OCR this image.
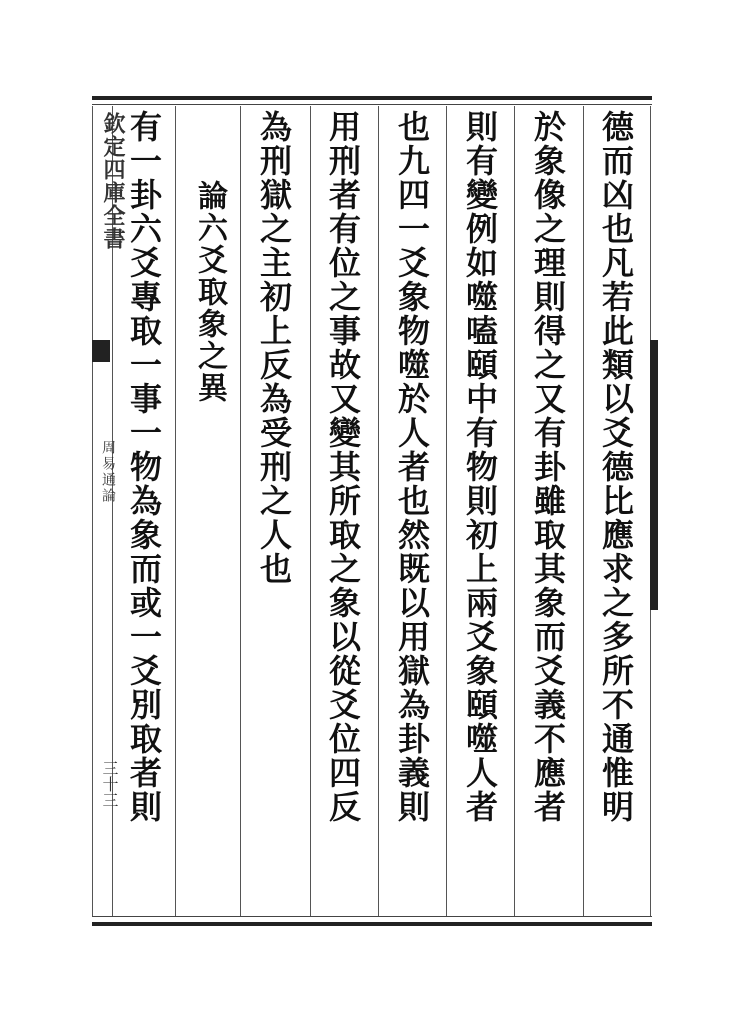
欽定四庫全書
周易通論
三十三	德而凶也凡若此類以爻德比應求之多所不通惟明
於象像之理則得之又有卦雖取其象而爻義不應者
則有變例如噬嗑頤中有物則初上兩爻象頤噬人者
也九四一爻象物噬於人者也然既以用獄為卦義則
用刑者有位之事故又變其所取之象以從爻位四反
為刑獄之主初上反為受刑之人也
論六爻取象之異
有一卦六爻專取一事一物為象而或一爻別取者則
